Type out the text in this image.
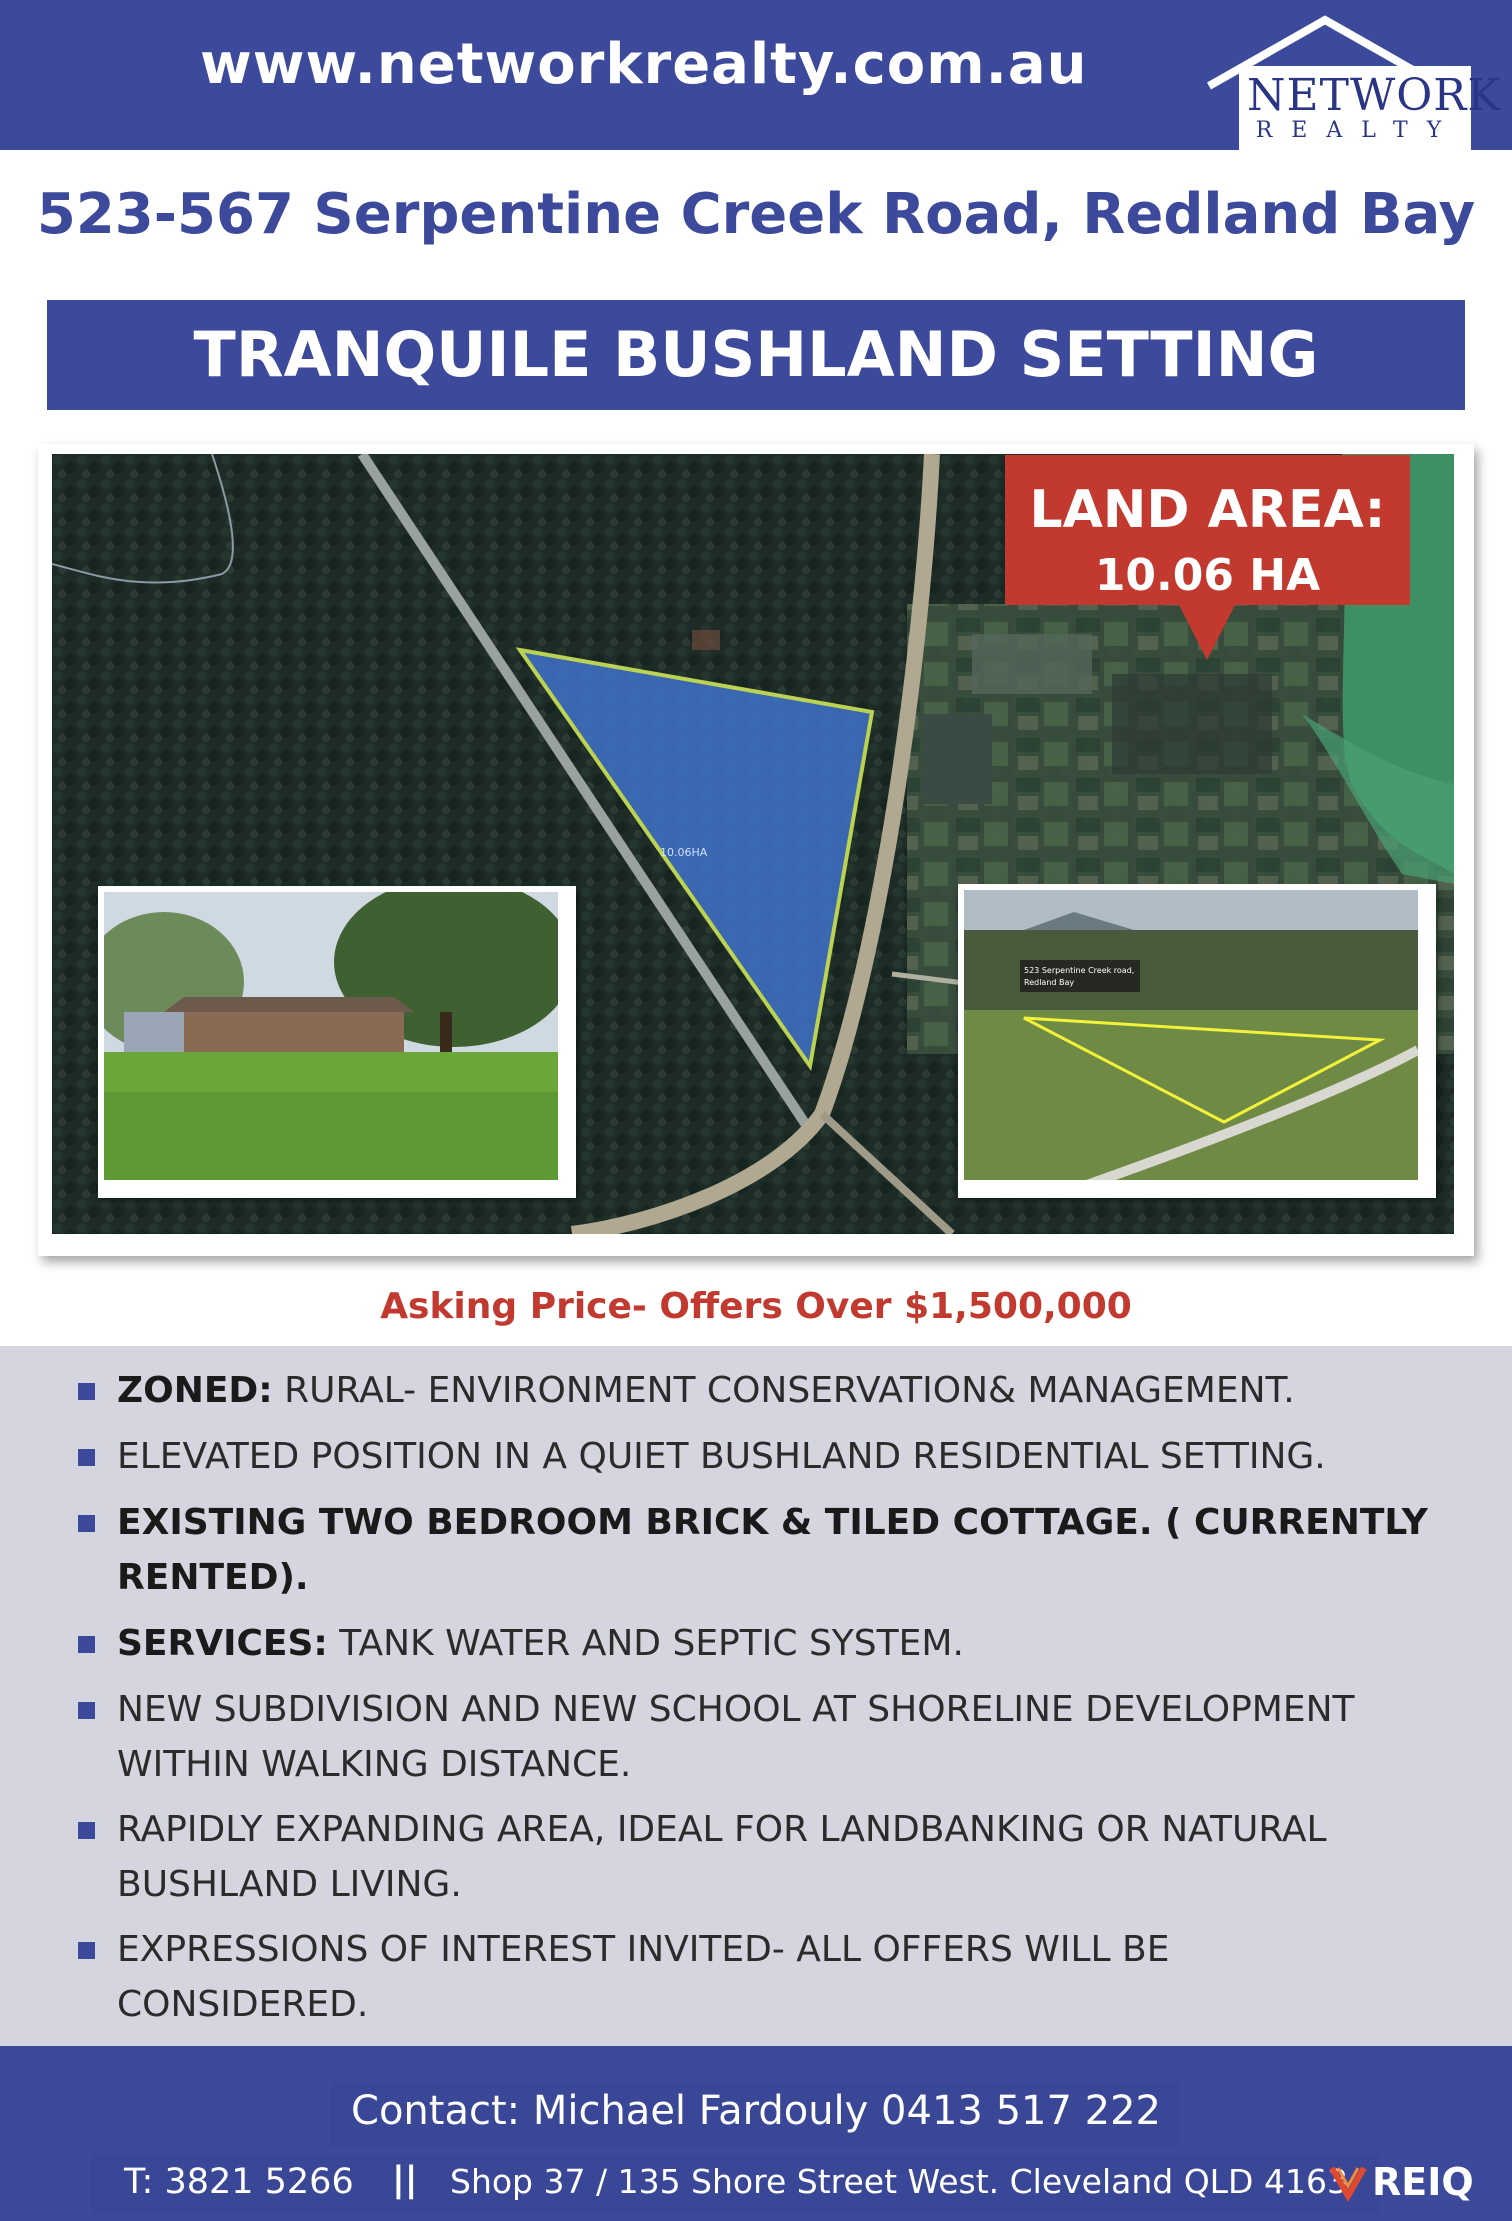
www.networkrealty.com.au	NETWORK
REALTY
523-567 Serpentine Creek Road, Redland Bay
TRANQUILE BUSHLAND SETTING
10.06HA
LAND AREA:
10.06 HA
523 Serpentine Creek road,
Redland Bay
Asking Price- Offers Over $1,500,000
ZONED: RURAL- ENVIRONMENT CONSERVATION& MANAGEMENT.
ELEVATED POSITION IN A QUIET BUSHLAND RESIDENTIAL SETTING.
EXISTING TWO BEDROOM BRICK & TILED COTTAGE. ( CURRENTLY RENTED).
SERVICES: TANK WATER AND SEPTIC SYSTEM.
NEW SUBDIVISION AND NEW SCHOOL AT SHORELINE DEVELOPMENT WITHIN WALKING DISTANCE.
RAPIDLY EXPANDING AREA, IDEAL FOR LANDBANKING OR NATURAL BUSHLAND LIVING.
EXPRESSIONS OF INTEREST INVITED- ALL OFFERS WILL BE CONSIDERED.
Contact: Michael Fardouly 0413 517 222
T: 3821 5266 || Shop 37 / 135 Shore Street West. Cleveland QLD 4163 REIQ
